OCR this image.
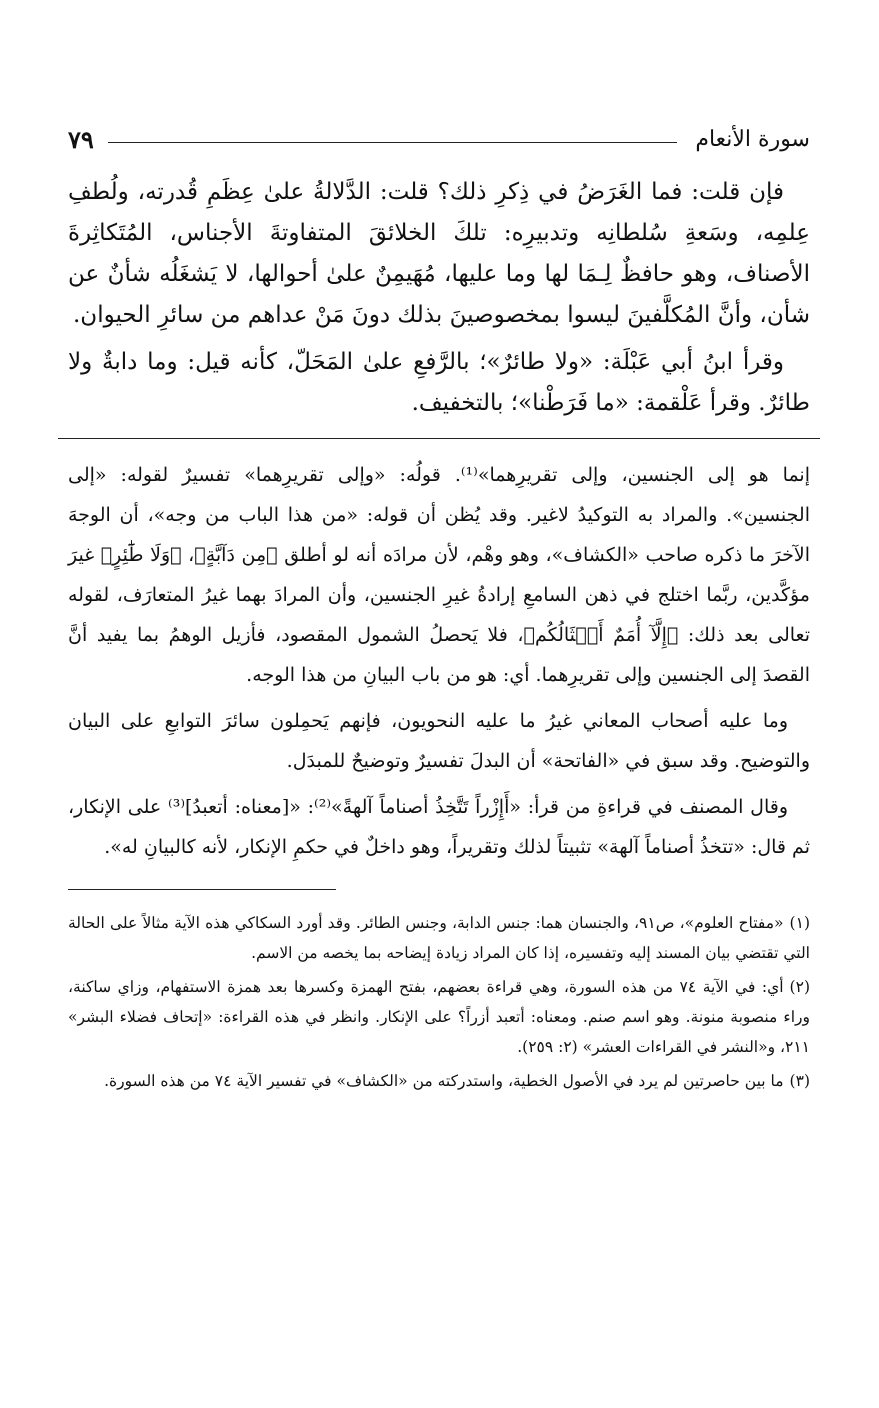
سورة الأنعام
٧٩

فإن قلت: فما الغَرَضُ في ذِكرِ ذلك؟ قلت: الدَّلالةُ علىٰ عِظَمِ قُدرته، ولُطفِ عِلمِه، وسَعةِ سُلطانِه وتدبيرِه: تلكَ الخلائقَ المتفاوتةَ الأجناس، المُتَكاثِرةَ الأصناف، وهو حافظٌ لِـمَا لها وما عليها، مُهَيمِنٌ علىٰ أحوالها، لا يَشغَلُه شأنٌ عن شأن، وأنَّ المُكلَّفينَ ليسوا بمخصوصينَ بذلك دونَ مَنْ عداهم من سائرِ الحيوان.

وقرأ ابنُ أبي عَبْلَة: «ولا طائرٌ»؛ بالرَّفعِ علىٰ المَحَلّ، كأنه قيل: وما دابةٌ ولا طائرٌ. وقرأ عَلْقمة: «ما فَرَطْنا»؛ بالتخفيف.

إنما هو إلى الجنسين، وإلى تقريرِهما»⁽¹⁾. قولُه: «وإلى تقريرِهما» تفسيرٌ لقوله: «إلى الجنسين». والمراد به التوكيدُ لاغير. وقد يُظن أن قوله: «من هذا الباب من وجه»، أن الوجهَ الآخرَ ما ذكره صاحب «الكشاف»، وهو وهْم، لأن مرادَه أنه لو أطلق ﴿مِن دَآبَّةٍ﴾، ﴿وَلَا طَٰٓئِرٍ﴾ غيرَ مؤكَّدين، ربَّما اختلج في ذهن السامعِ إرادةُ غيرِ الجنسين، وأن المرادَ بهما غيرُ المتعارَف، لقوله تعالى بعد ذلك: ﴿إِلَّآ أُمَمٌ أَمۡثَالُكُم﴾، فلا يَحصلُ الشمول المقصود، فأزيل الوهمُ بما يفيد أنَّ القصدَ إلى الجنسين وإلى تقريرِهما. أي: هو من باب البيانِ من هذا الوجه.

وما عليه أصحاب المعاني غيرُ ما عليه النحويون، فإنهم يَحمِلون سائرَ التوابعِ على البيان والتوضيح. وقد سبق في «الفاتحة» أن البدلَ تفسيرٌ وتوضيحٌ للمبدَل.

وقال المصنف في قراءةِ من قرأ: «أَإِزْراً تَتَّخِذُ أصناماً آلهةً»⁽²⁾: «[معناه: أتعبدُ]⁽³⁾ على الإنكار، ثم قال: «تتخذُ أصناماً آلهة» تثبيتاً لذلك وتقريراً، وهو داخلٌ في حكمِ الإنكار، لأنه كالبيانِ له».

(١)«مفتاح العلوم»، ص٩١، والجنسان هما: جنس الدابة، وجنس الطائر. وقد أورد السكاكي هذه الآية مثالاً على الحالة التي تقتضي بيان المسند إليه وتفسيره، إذا كان المراد زيادة إيضاحه بما يخصه من الاسم.

(٢)أي: في الآية ٧٤ من هذه السورة، وهي قراءة بعضهم، بفتح الهمزة وكسرها بعد همزة الاستفهام، وزاي ساكنة، وراء منصوبة منونة. وهو اسم صنم. ومعناه: أتعبد أزراً؟ على الإنكار. وانظر في هذه القراءة: «إتحاف فضلاء البشر» ٢١١، و«النشر في القراءات العشر» (٢: ٢٥٩).

(٣)ما بين حاصرتين لم يرد في الأصول الخطية، واستدركته من «الكشاف» في تفسير الآية ٧٤ من هذه السورة.
